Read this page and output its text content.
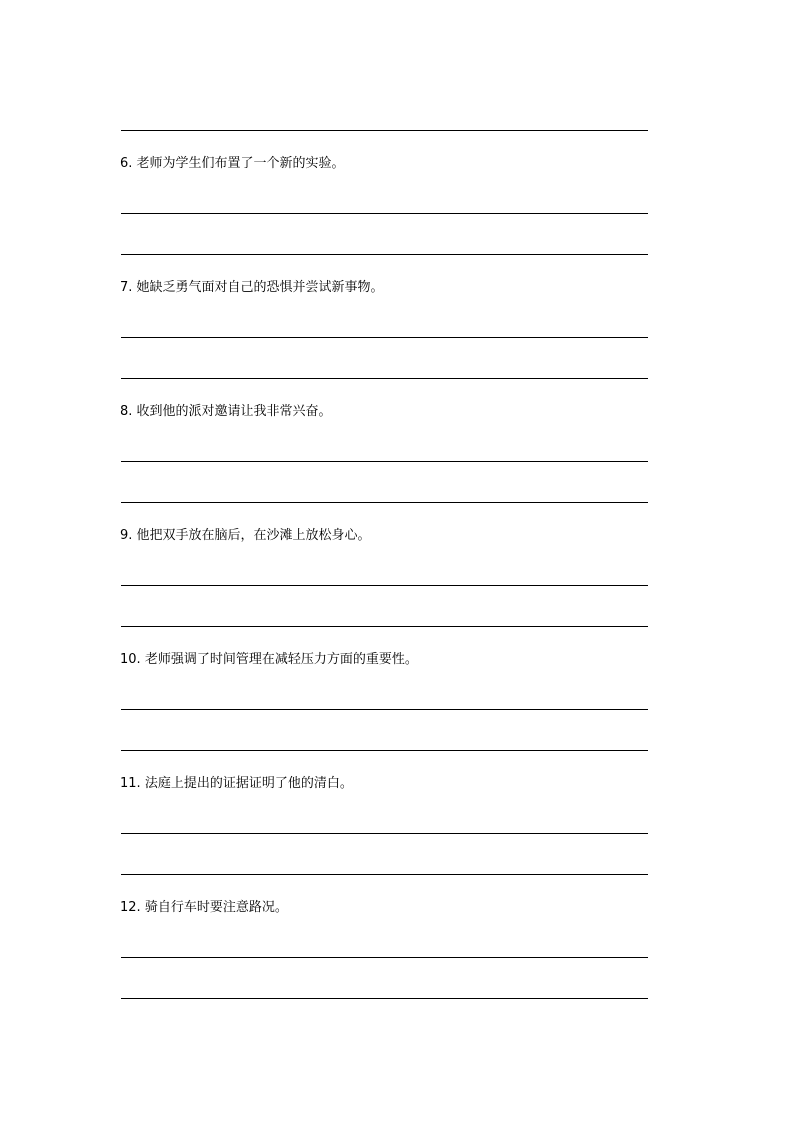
6. 老师为学生们布置了一个新的实验。
7. 她缺乏勇气面对自己的恐惧并尝试新事物。
8. 收到他的派对邀请让我非常兴奋。
9. 他把双手放在脑后，在沙滩上放松身心。
10. 老师强调了时间管理在减轻压力方面的重要性。
11. 法庭上提出的证据证明了他的清白。
12. 骑自行车时要注意路况。
